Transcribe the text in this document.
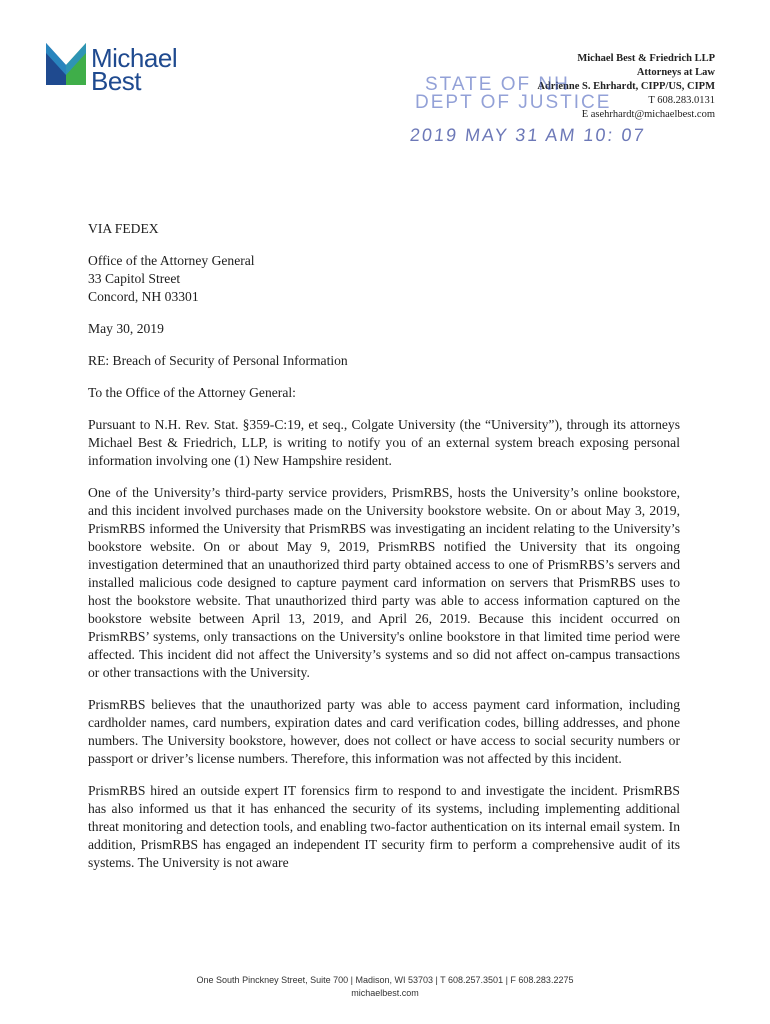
Michael
Best
Michael Best & Friedrich LLP
Attorneys at Law
Adrienne S. Ehrhardt, CIPP/US, CIPM
T 608.283.0131
E asehrhardt@michaelbest.com
STATE OF NH
DEPT OF JUSTICE
2019 MAY 31 AM 10: 07

VIA FEDEX

Office of the Attorney General

33 Capitol Street

Concord, NH 03301

May 30, 2019

RE: Breach of Security of Personal Information

To the Office of the Attorney General:

Pursuant to N.H. Rev. Stat. §359-C:19, et seq., Colgate University (the “University”), through its attorneys Michael Best & Friedrich, LLP, is writing to notify you of an external system breach exposing personal information involving one (1) New Hampshire resident.

One of the University’s third-party service providers, PrismRBS, hosts the University’s online bookstore, and this incident involved purchases made on the University bookstore website. On or about May 3, 2019, PrismRBS informed the University that PrismRBS was investigating an incident relating to the University’s bookstore website. On or about May 9, 2019, PrismRBS notified the University that its ongoing investigation determined that an unauthorized third party obtained access to one of PrismRBS’s servers and installed malicious code designed to capture payment card information on servers that PrismRBS uses to host the bookstore website. That unauthorized third party was able to access information captured on the bookstore website between April 13, 2019, and April 26, 2019. Because this incident occurred on PrismRBS’ systems, only transactions on the University's online bookstore in that limited time period were affected. This incident did not affect the University’s systems and so did not affect on-campus transactions or other transactions with the University.

PrismRBS believes that the unauthorized party was able to access payment card information, including cardholder names, card numbers, expiration dates and card verification codes, billing addresses, and phone numbers. The University bookstore, however, does not collect or have access to social security numbers or passport or driver’s license numbers. Therefore, this information was not affected by this incident.

PrismRBS hired an outside expert IT forensics firm to respond to and investigate the incident. PrismRBS has also informed us that it has enhanced the security of its systems, including implementing additional threat monitoring and detection tools, and enabling two-factor authentication on its internal email system. In addition, PrismRBS has engaged an independent IT security firm to perform a comprehensive audit of its systems. The University is not aware

One South Pinckney Street, Suite 700 | Madison, WI 53703 | T 608.257.3501 | F 608.283.2275
michaelbest.com
